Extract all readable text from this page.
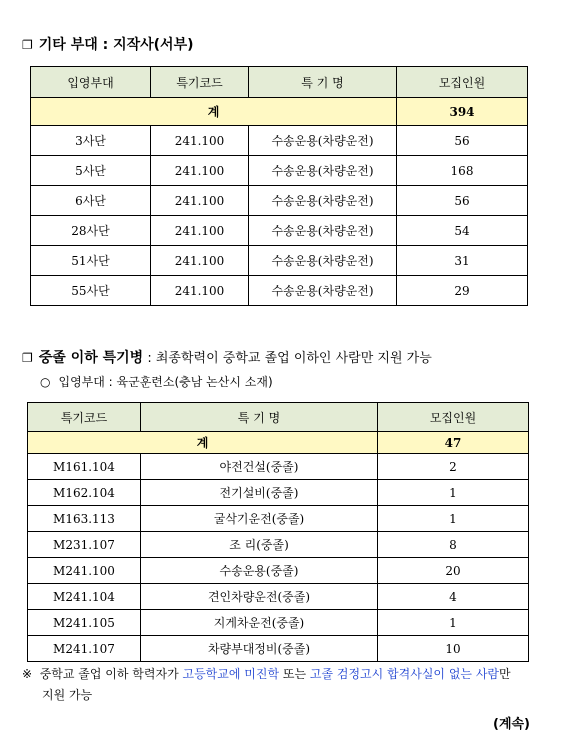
❐ 기타 부대 : 지작사(서부)
입영부대	특기코드	특 기 명	모집인원
계			394
3사단	241.100	수송운용(차량운전)	56
5사단	241.100	수송운용(차량운전)	168
6사단	241.100	수송운용(차량운전)	56
28사단	241.100	수송운용(차량운전)	54
51사단	241.100	수송운용(차량운전)	31
55사단	241.100	수송운용(차량운전)	29
❐ 중졸 이하 특기병 : 최종학력이 중학교 졸업 이하인 사람만 지원 가능
○ 입영부대 : 육군훈련소(충남 논산시 소재)
특기코드	특 기 명	모집인원
계		47
M161.104	야전건설(중졸)	2
M162.104	전기설비(중졸)	1
M163.113	굴삭기운전(중졸)	1
M231.107	조 리(중졸)	8
M241.100	수송운용(중졸)	20
M241.104	견인차량운전(중졸)	4
M241.105	지게차운전(중졸)	1
M241.107	차량부대정비(중졸)	10
※ 중학교 졸업 이하 학력자가 고등학교에 미진학 또는 고졸 검정고시 합격사실이 없는 사람만
지원 가능
(계속)
